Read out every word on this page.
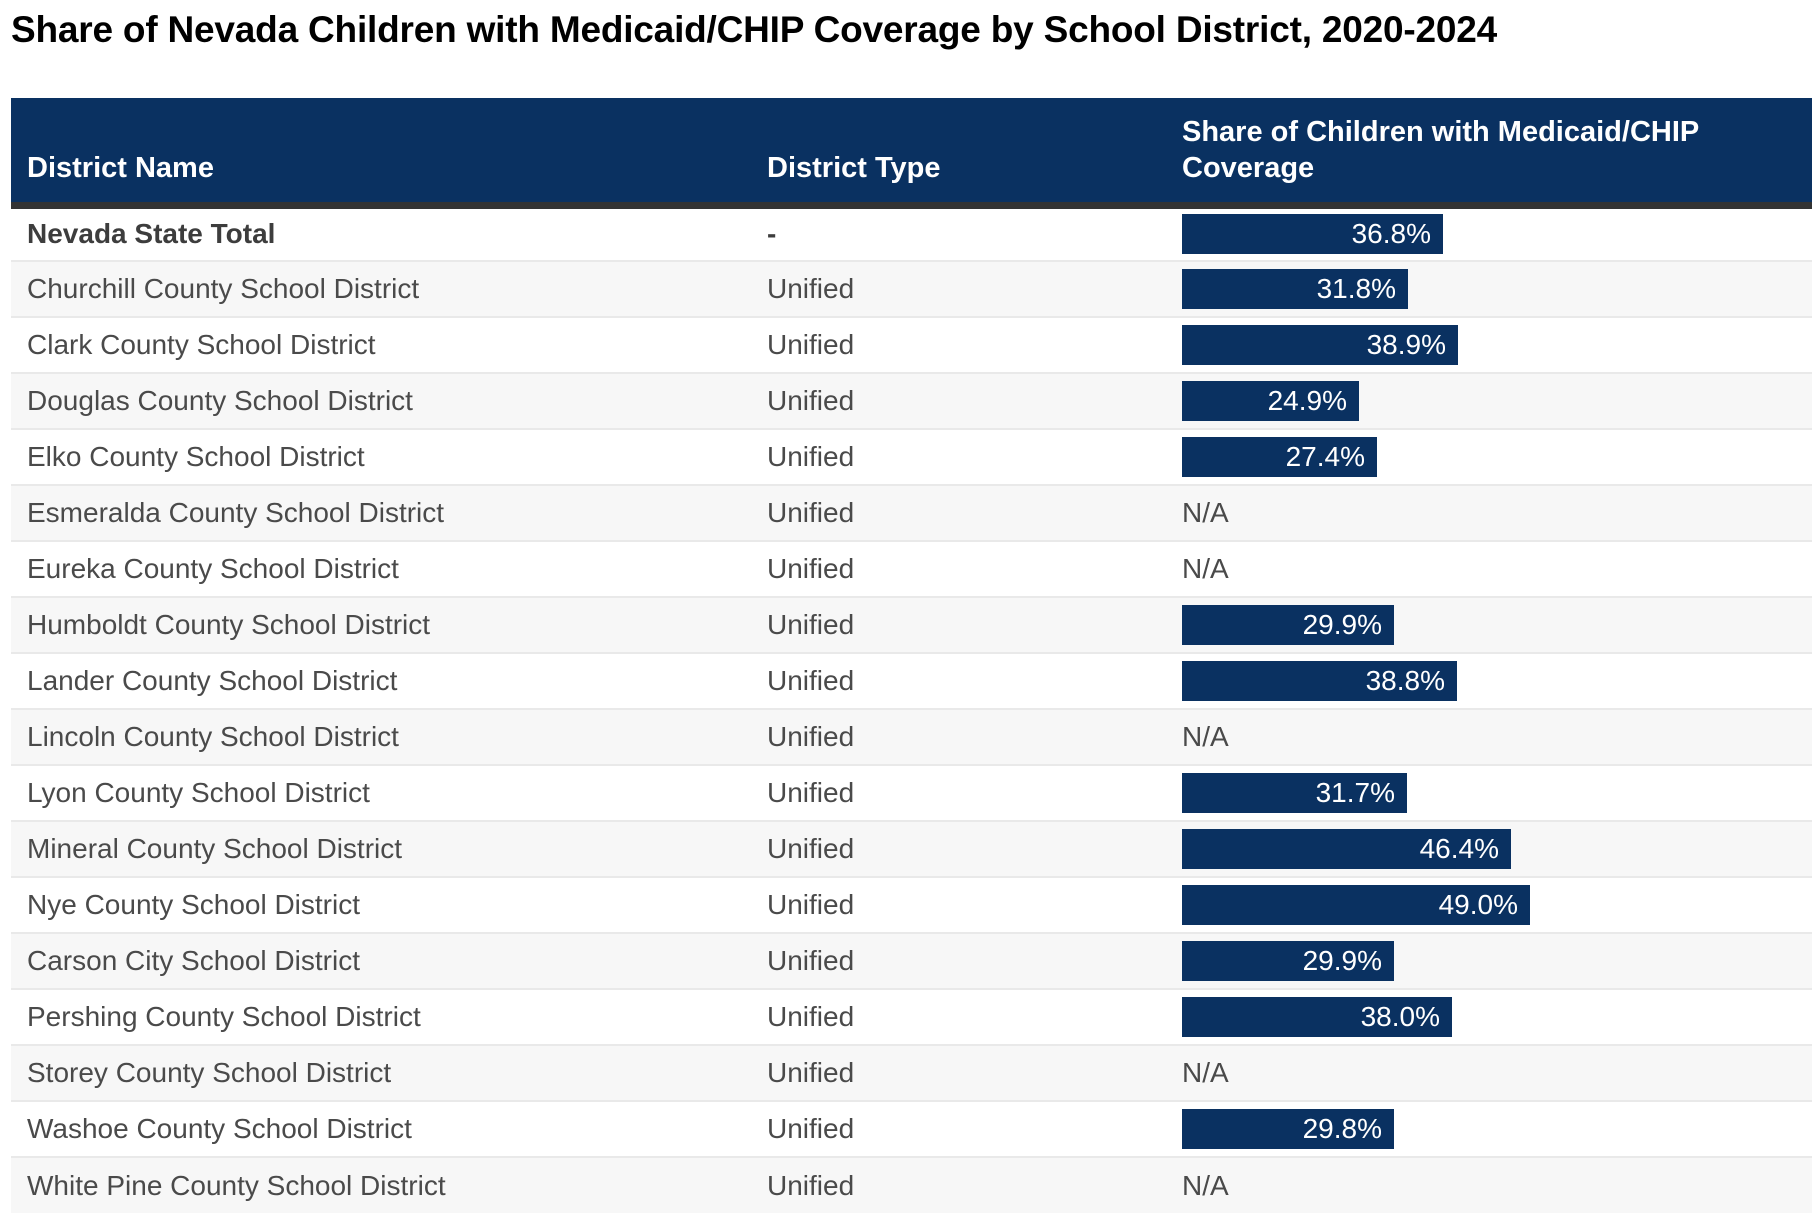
Share of Nevada Children with Medicaid/CHIP Coverage by School District, 2020-2024
District Name	District Type	Share of Children with Medicaid/CHIP Coverage
Nevada State Total	-	36.8%

Churchill County School District	Unified	31.8%

Clark County School District	Unified	38.9%

Douglas County School District	Unified	24.9%

Elko County School District	Unified	27.4%

Esmeralda County School District	Unified	N/A
Eureka County School District	Unified	N/A
Humboldt County School District	Unified	29.9%

Lander County School District	Unified	38.8%

Lincoln County School District	Unified	N/A
Lyon County School District	Unified	31.7%

Mineral County School District	Unified	46.4%

Nye County School District	Unified	49.0%

Carson City School District	Unified	29.9%

Pershing County School District	Unified	38.0%

Storey County School District	Unified	N/A
Washoe County School District	Unified	29.8%

White Pine County School District	Unified	N/A
